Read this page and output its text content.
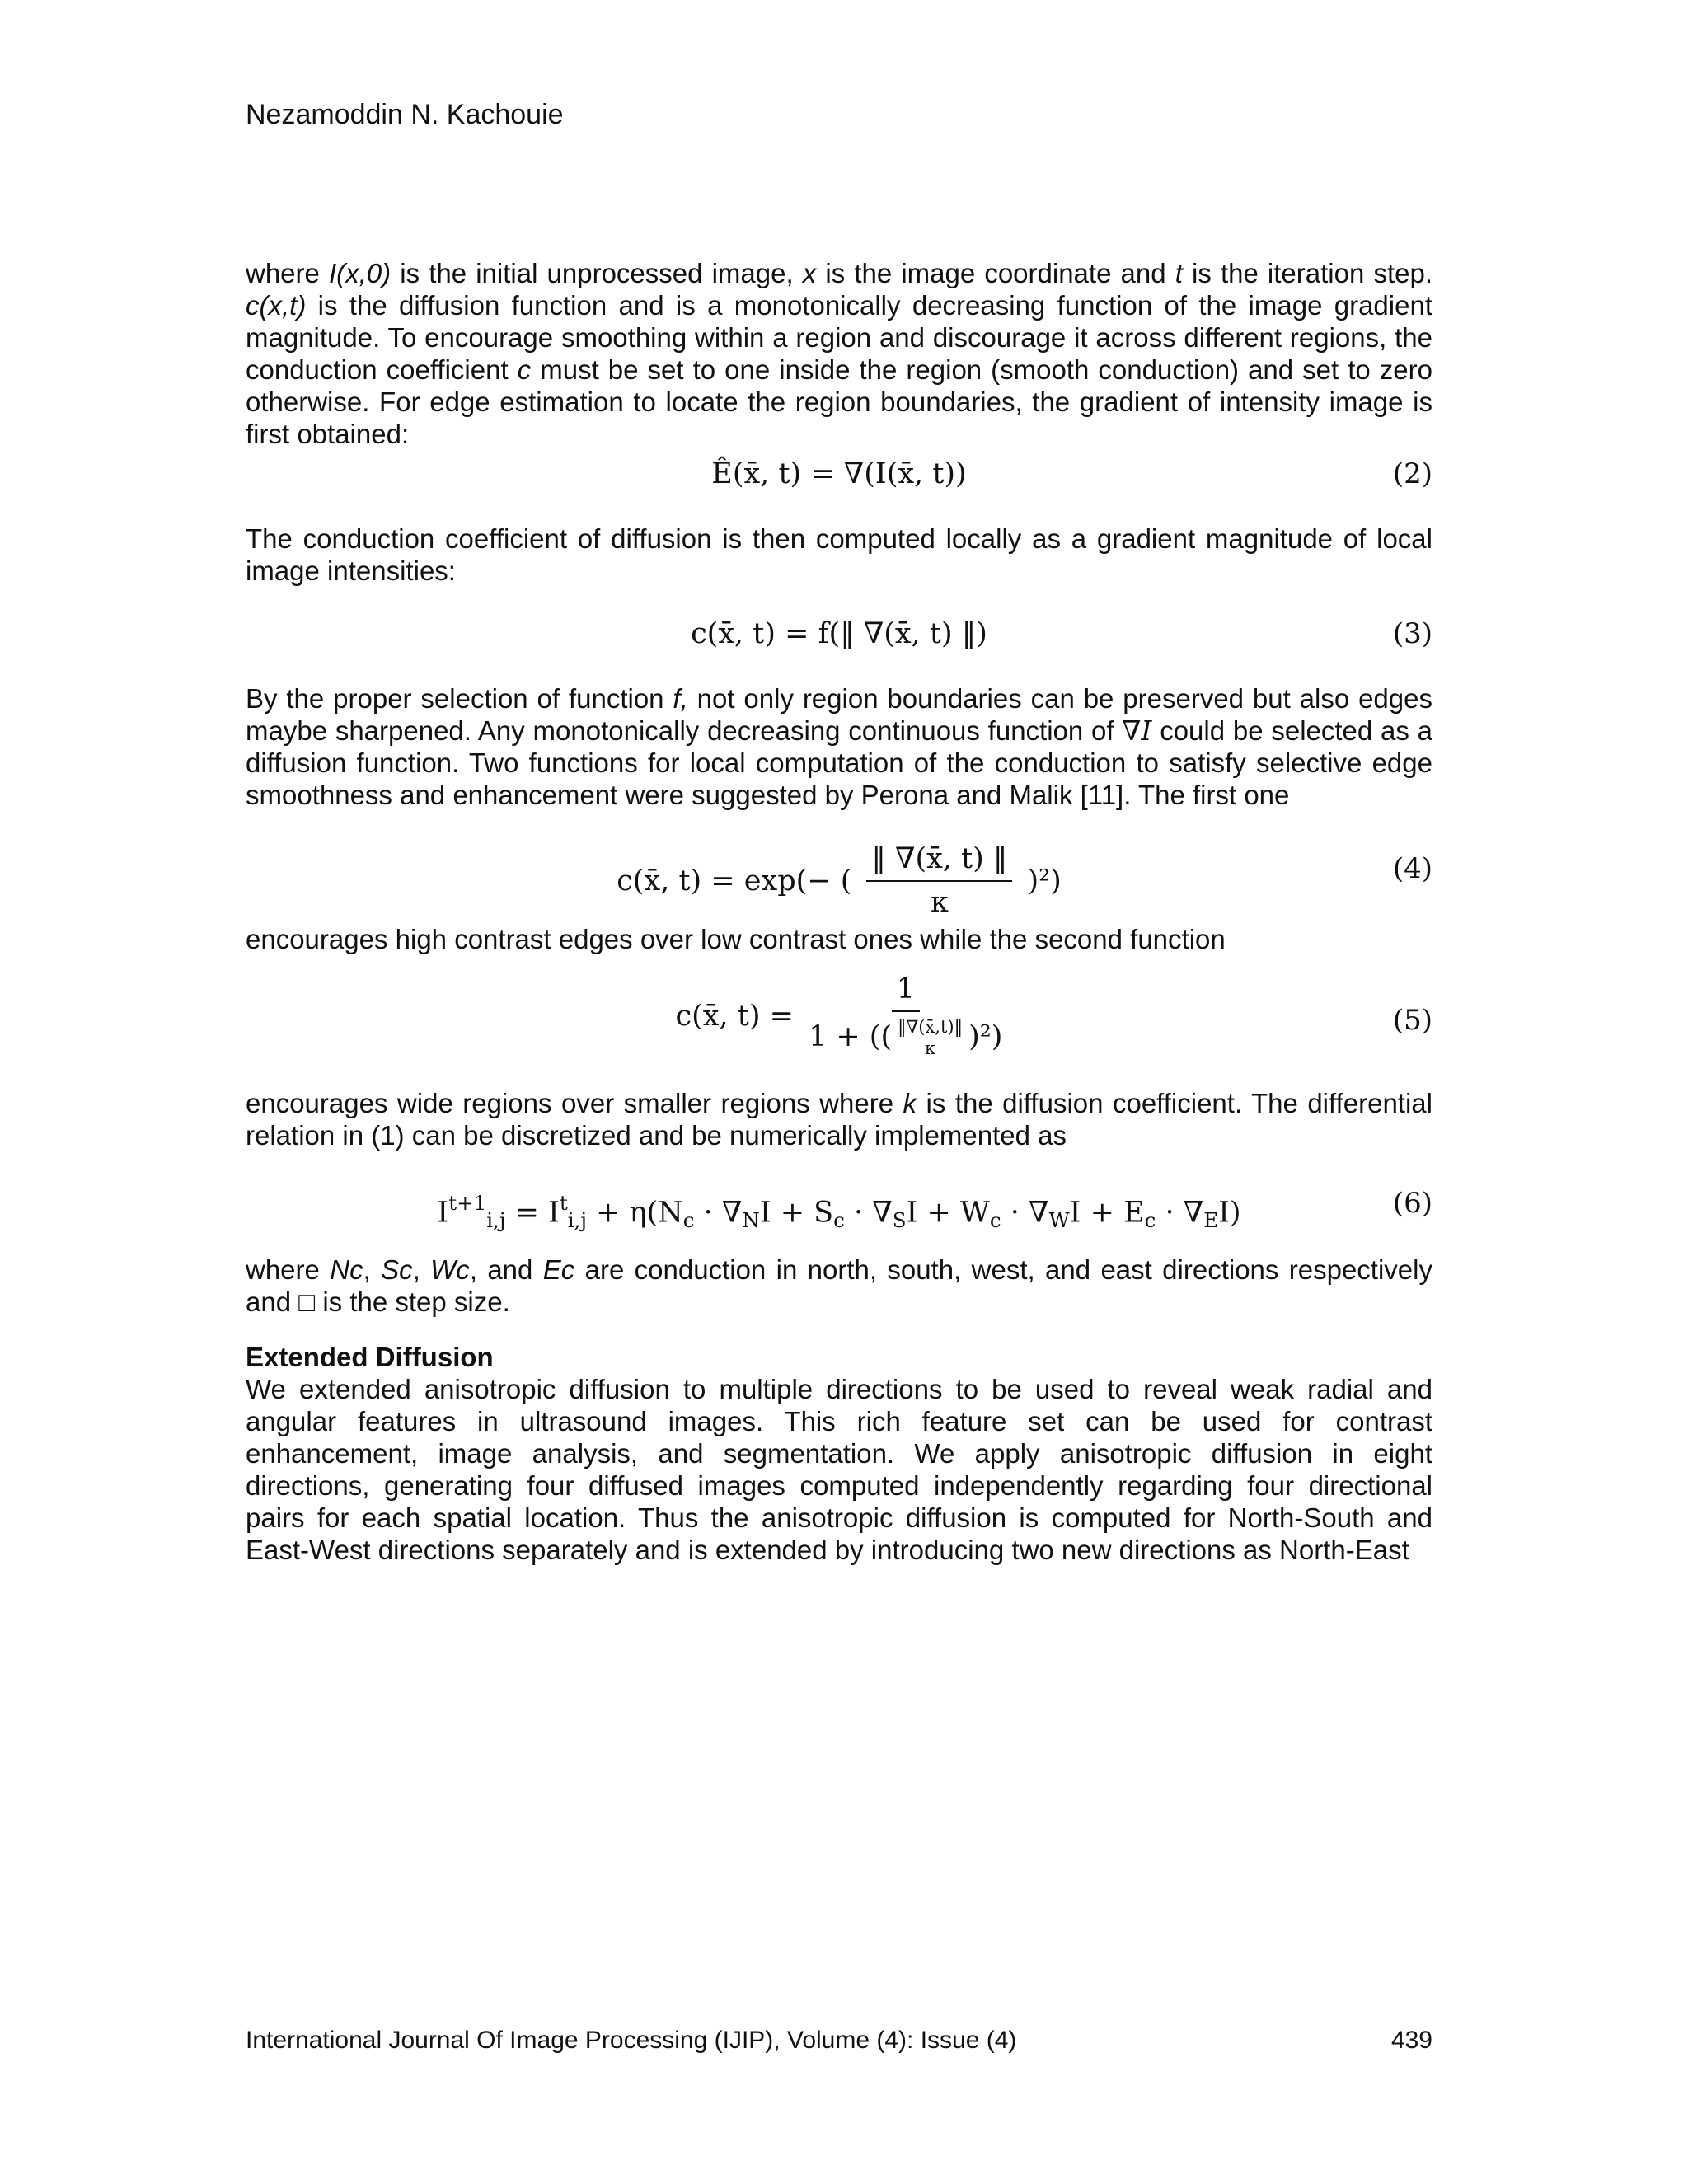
Nezamoddin N. Kachouie

where I(x,0) is the initial unprocessed image, x is the image coordinate and t is the iteration step. c(x,t) is the diffusion function and is a monotonically decreasing function of the image gradient magnitude. To encourage smoothing within a region and discourage it across different regions, the conduction coefficient c must be set to one inside the region (smooth conduction) and set to zero otherwise. For edge estimation to locate the region boundaries, the gradient of intensity image is first obtained:

Ê(x̄, t) = ∇(I(x̄, t))	(2)

The conduction coefficient of diffusion is then computed locally as a gradient magnitude of local image intensities:

c(x̄, t) = f(‖ ∇(x̄, t) ‖)	(3)

By the proper selection of function f, not only region boundaries can be preserved but also edges maybe sharpened. Any monotonically decreasing continuous function of ∇I could be selected as a diffusion function. Two functions for local computation of the conduction to satisfy selective edge smoothness and enhancement were suggested by Perona and Malik [11]. The first one

c(x̄, t) = exp(− ( $\frac{‖ \nabla(x̄, t) ‖}{\kappa} )^2$)	(4)

encourages high contrast edges over low contrast ones while the second function

c(x̄, $t) = \frac{1}{1 + (( \frac{‖\nabla(x̄,t)‖}{\kappa} )^2)}$	(5)

encourages wide regions over smaller regions where k is the diffusion coefficient. The differential relation in (1) can be discretized and be numerically implemented as

$I^{t+1}_{i,j} = I^t_{i,j} + \eta(N_c \cdot \nabla_NI + S_c \cdot \nabla_SI + W_c \cdot \nabla_WI + E_c \cdot \nabla_EI)$	(6)

where Nc, Sc, Wc, and Ec are conduction in north, south, west, and east directions respectively and □ is the step size.

Extended Diffusion

We extended anisotropic diffusion to multiple directions to be used to reveal weak radial and angular features in ultrasound images. This rich feature set can be used for contrast enhancement, image analysis, and segmentation. We apply anisotropic diffusion in eight directions, generating four diffused images computed independently regarding four directional pairs for each spatial location. Thus the anisotropic diffusion is computed for North-South and East-West directions separately and is extended by introducing two new directions as North-East

International Journal Of Image Processing (IJIP), Volume (4): Issue (4)	439
